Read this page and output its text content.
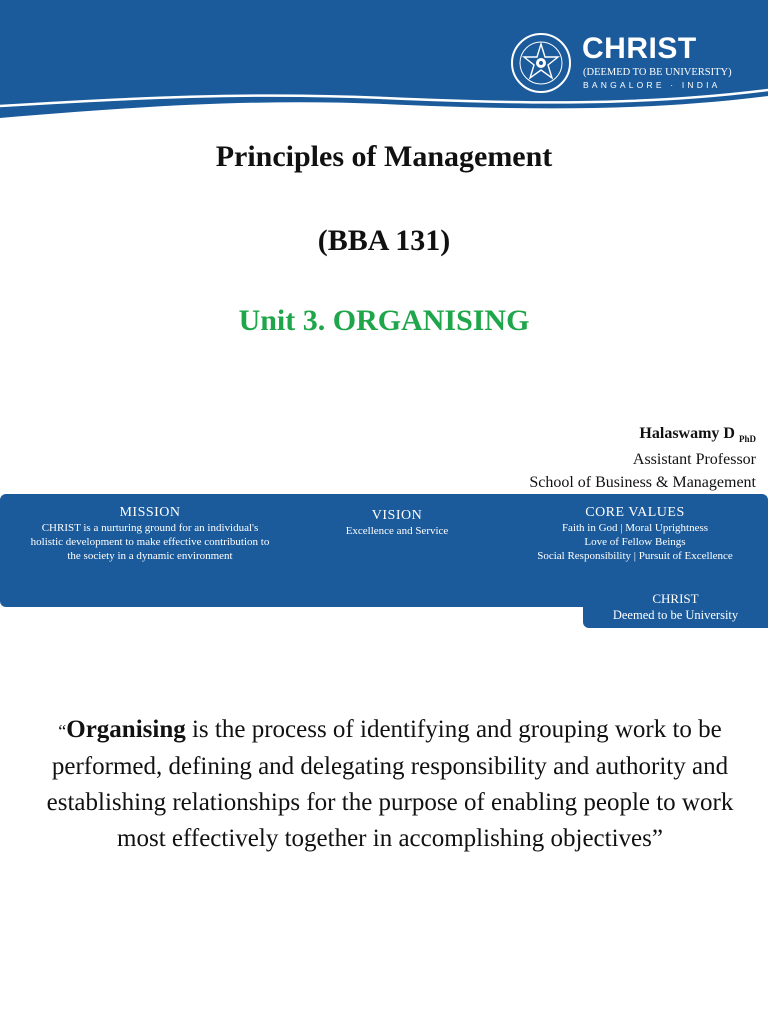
CHRIST
(DEEMED TO BE UNIVERSITY)
BANGALORE · INDIA
Principles of Management
(BBA 131)
Unit 3. ORGANISING
Halaswamy D $_{PhD}$
Assistant Professor
School of Business & Management
MISSION
CHRIST is a nurturing ground for an individual's
holistic development to make effective contribution to
the society in a dynamic environment
VISION
Excellence and Service
CORE VALUES
Faith in God | Moral Uprightness
Love of Fellow Beings
Social Responsibility | Pursuit of Excellence
CHRIST
Deemed to be University
“Organising is the process of identifying and grouping work to be performed, defining and delegating responsibility and authority and establishing relationships for the purpose of enabling people to work most effectively together in accomplishing objectives”
